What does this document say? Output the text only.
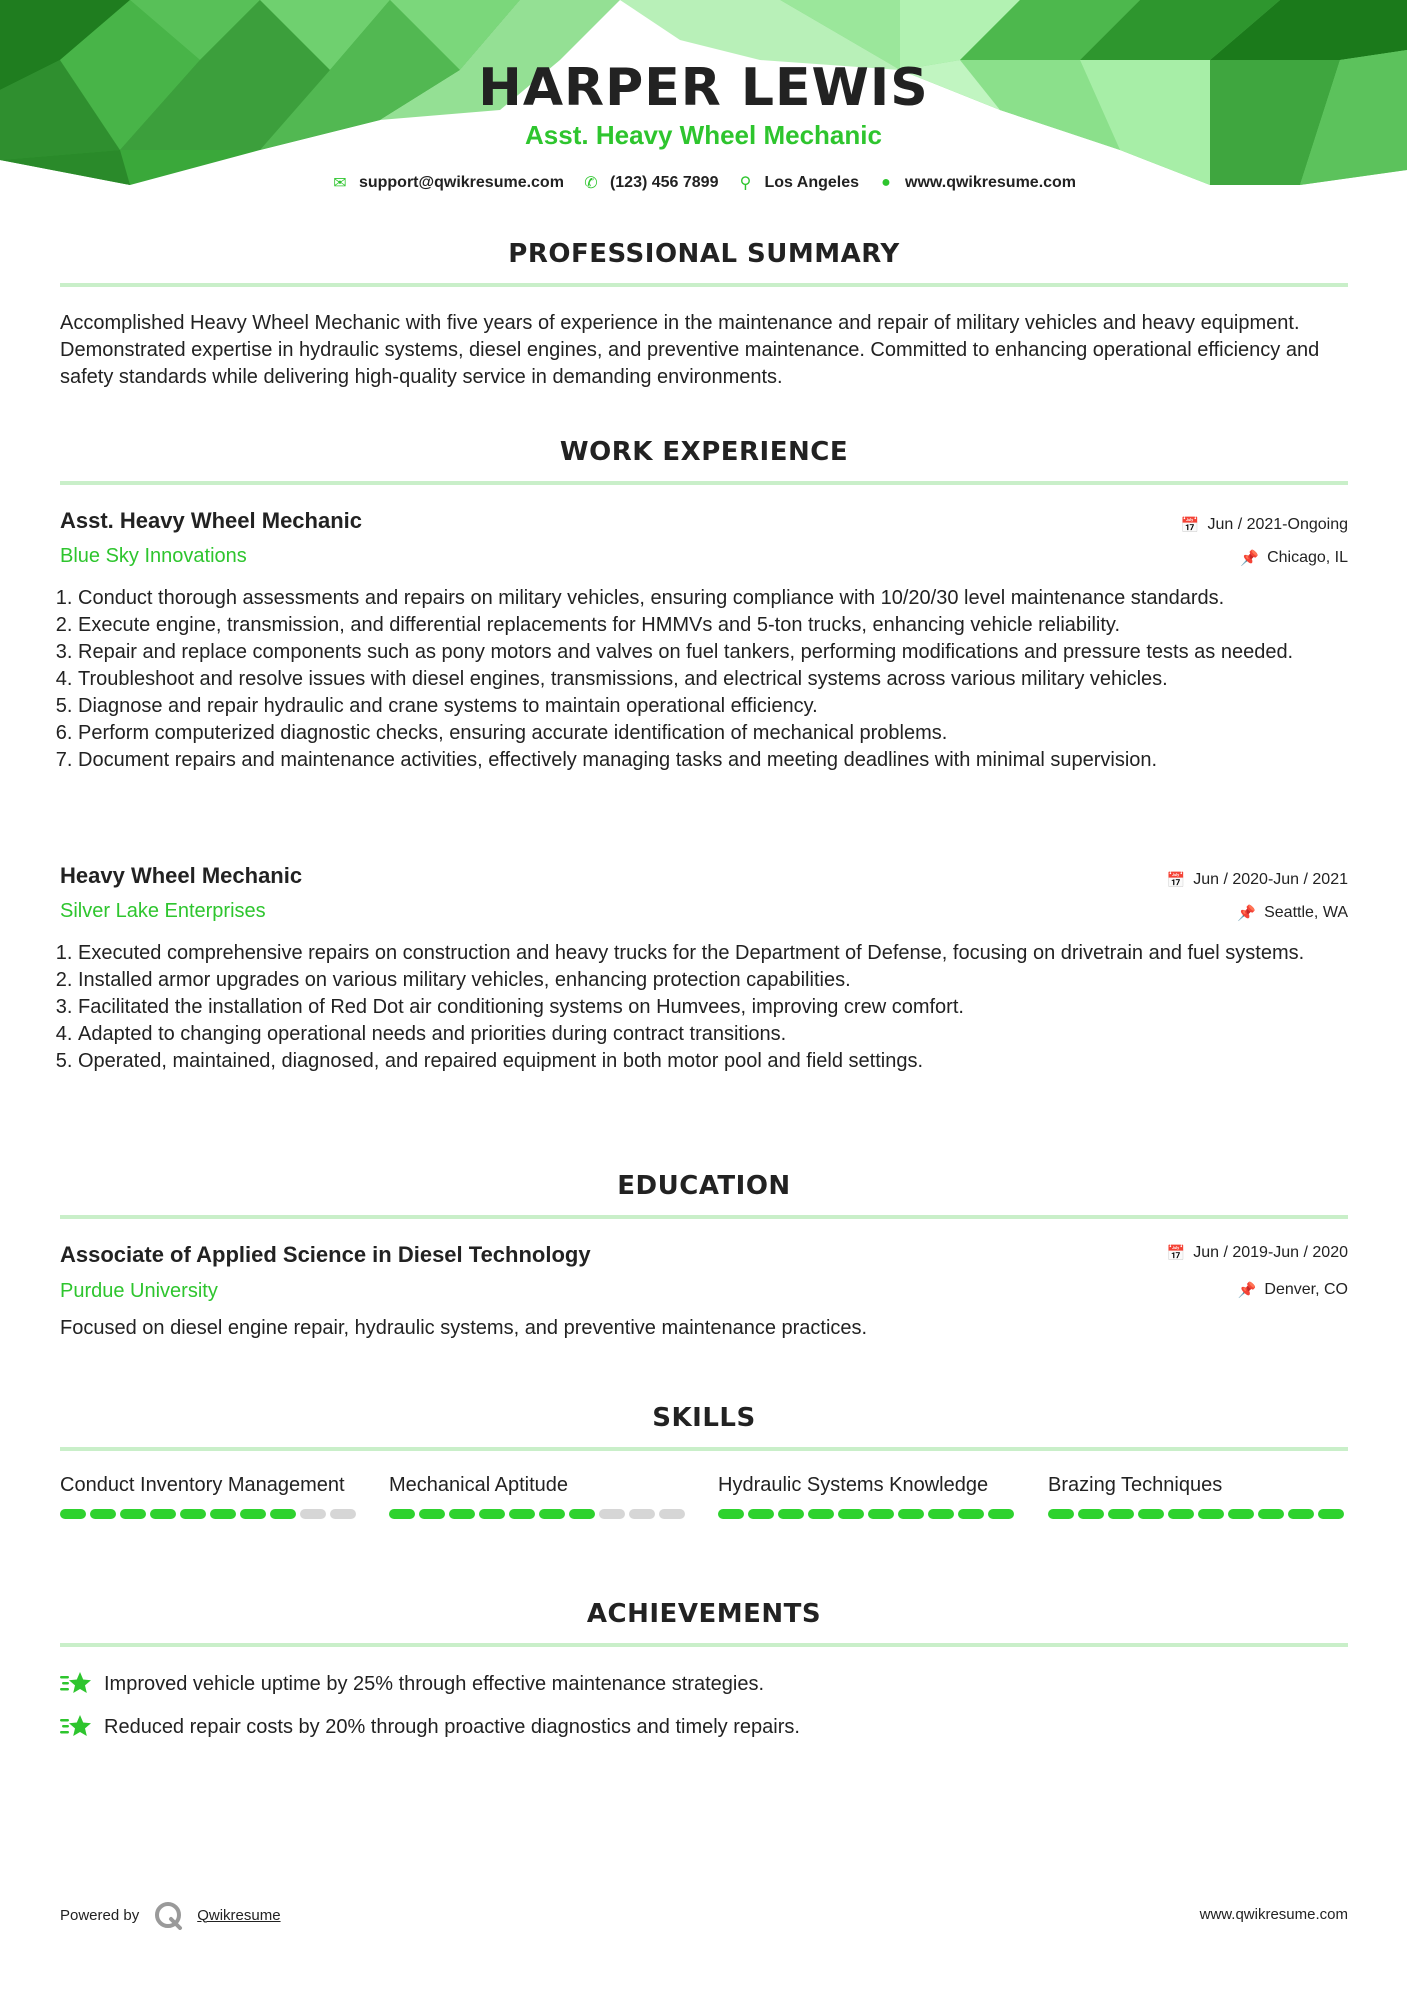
HARPER LEWIS
Asst. Heavy Wheel Mechanic
✉ support@qwikresume.com ✆ (123) 456 7899 ⚲ Los Angeles ● www.qwikresume.com
PROFESSIONAL SUMMARY
Accomplished Heavy Wheel Mechanic with five years of experience in the maintenance and repair of military vehicles and heavy equipment. Demonstrated expertise in hydraulic systems, diesel engines, and preventive maintenance. Committed to enhancing operational efficiency and safety standards while delivering high-quality service in demanding environments.
WORK EXPERIENCE
Asst. Heavy Wheel Mechanic	📅 Jun / 2021-Ongoing
Blue Sky Innovations	📌 Chicago, IL
1. Conduct thorough assessments and repairs on military vehicles, ensuring compliance with 10/20/30 level maintenance standards.
2. Execute engine, transmission, and differential replacements for HMMVs and 5-ton trucks, enhancing vehicle reliability.
3. Repair and replace components such as pony motors and valves on fuel tankers, performing modifications and pressure tests as needed.
4. Troubleshoot and resolve issues with diesel engines, transmissions, and electrical systems across various military vehicles.
5. Diagnose and repair hydraulic and crane systems to maintain operational efficiency.
6. Perform computerized diagnostic checks, ensuring accurate identification of mechanical problems.
7. Document repairs and maintenance activities, effectively managing tasks and meeting deadlines with minimal supervision.
Heavy Wheel Mechanic	📅 Jun / 2020-Jun / 2021
Silver Lake Enterprises	📌 Seattle, WA
1. Executed comprehensive repairs on construction and heavy trucks for the Department of Defense, focusing on drivetrain and fuel systems.
2. Installed armor upgrades on various military vehicles, enhancing protection capabilities.
3. Facilitated the installation of Red Dot air conditioning systems on Humvees, improving crew comfort.
4. Adapted to changing operational needs and priorities during contract transitions.
5. Operated, maintained, diagnosed, and repaired equipment in both motor pool and field settings.
EDUCATION
Associate of Applied Science in Diesel Technology	📅 Jun / 2019-Jun / 2020
Purdue University	📌 Denver, CO
Focused on diesel engine repair, hydraulic systems, and preventive maintenance practices.
SKILLS
Conduct Inventory Management	Mechanical Aptitude	Hydraulic Systems Knowledge	Brazing Techniques
ACHIEVEMENTS
Improved vehicle uptime by 25% through effective maintenance strategies.
Reduced repair costs by 20% through proactive diagnostics and timely repairs.
Powered by	Qwikresume	www.qwikresume.com
